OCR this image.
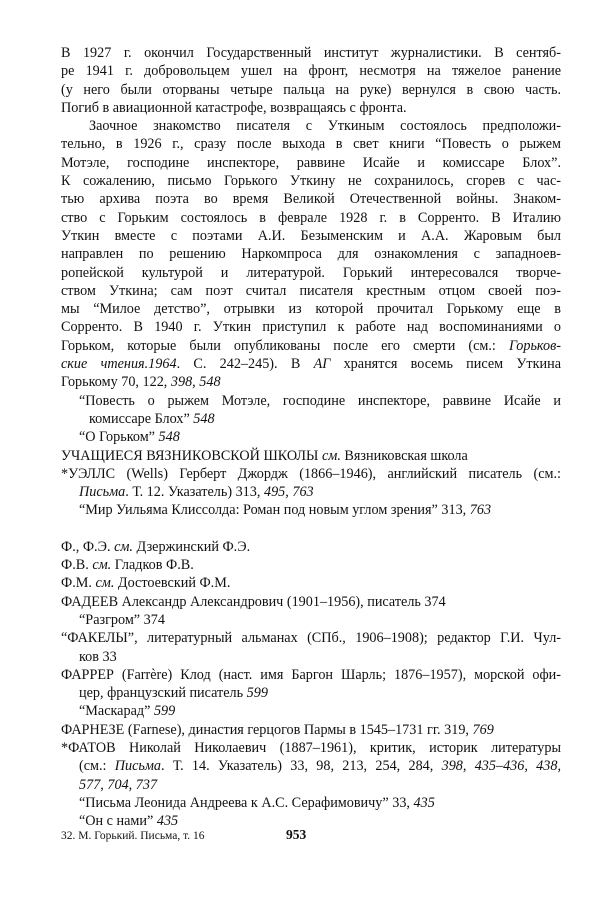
В 1927 г. окончил Государственный институт журналистики. В сентяб-
ре 1941 г. добровольцем ушел на фронт, несмотря на тяжелое ранение
(у него были оторваны четыре пальца на руке) вернулся в свою часть.
Погиб в авиационной катастрофе, возвращаясь с фронта.
Заочное знакомство писателя с Уткиным состоялось предположи-
тельно, в 1926 г., сразу после выхода в свет книги “Повесть о рыжем
Мотэле, господине инспекторе, раввине Исайе и комиссаре Блох”.
К сожалению, письмо Горького Уткину не сохранилось, сгорев с час-
тью архива поэта во время Великой Отечественной войны. Знаком-
ство с Горьким состоялось в феврале 1928 г. в Сорренто. В Италию
Уткин вместе с поэтами А.И. Безыменским и А.А. Жаровым был
направлен по решению Наркомпроса для ознакомления с западноев-
ропейской культурой и литературой. Горький интересовался творче-
ством Уткина; сам поэт считал писателя крестным отцом своей поэ-
мы “Милое детство”, отрывки из которой прочитал Горькому еще в
Сорренто. В 1940 г. Уткин приступил к работе над воспоминаниями о
Горьком, которые были опубликованы после его смерти (см.: Горьков-
ские чтения.1964. С. 242–245). В АГ хранятся восемь писем Уткина
Горькому 70, 122, 398, 548
“Повесть о рыжем Мотэле, господине инспекторе, раввине Исайе и
комиссаре Блох” 548
“О Горьком” 548
УЧАЩИЕСЯ ВЯЗНИКОВСКОЙ ШКОЛЫ см. Вязниковская школа
*УЭЛЛС (Wells) Герберт Джордж (1866–1946), английский писатель (см.:
Письма. Т. 12. Указатель) 313, 495, 763
“Мир Уильяма Клиссолда: Роман под новым углом зрения” 313, 763
Ф., Ф.Э. см. Дзержинский Ф.Э.
Ф.В. см. Гладков Ф.В.
Ф.М. см. Достоевский Ф.М.
ФАДЕЕВ Александр Александрович (1901–1956), писатель 374
“Разгром” 374
“ФАКЕЛЫ”, литературный альманах (СПб., 1906–1908); редактор Г.И. Чул-
ков 33
ФАРРЕР (Farrère) Клод (наст. имя Баргон Шарль; 1876–1957), морской офи-
цер, французский писатель 599
“Маскарад” 599
ФАРНЕЗЕ (Farnese), династия герцогов Пармы в 1545–1731 гг. 319, 769
*ФАТОВ Николай Николаевич (1887–1961), критик, историк литературы
(см.: Письма. Т. 14. Указатель) 33, 98, 213, 254, 284, 398, 435–436, 438,
577, 704, 737
“Письма Леонида Андреева к А.С. Серафимовичу” 33, 435
“Он с нами” 435
32. М. Горький. Письма, т. 16	953
